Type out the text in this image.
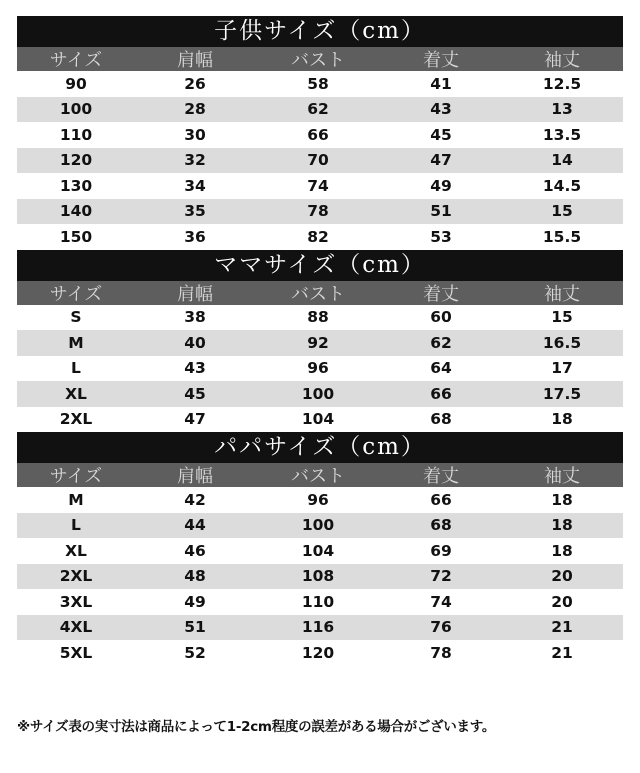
子供サイズ（cm）
サイズ	肩幅	バスト	着丈	袖丈
90	26	58	41	12.5
100	28	62	43	13
110	30	66	45	13.5
120	32	70	47	14
130	34	74	49	14.5
140	35	78	51	15
150	36	82	53	15.5
ママサイズ（cm）
サイズ	肩幅	バスト	着丈	袖丈
S	38	88	60	15
M	40	92	62	16.5
L	43	96	64	17
XL	45	100	66	17.5
2XL	47	104	68	18
パパサイズ（cm）
サイズ	肩幅	バスト	着丈	袖丈
M	42	96	66	18
L	44	100	68	18
XL	46	104	69	18
2XL	48	108	72	20
3XL	49	110	74	20
4XL	51	116	76	21
5XL	52	120	78	21
※サイズ表の実寸法は商品によって1-2cm程度の誤差がある場合がございます。
